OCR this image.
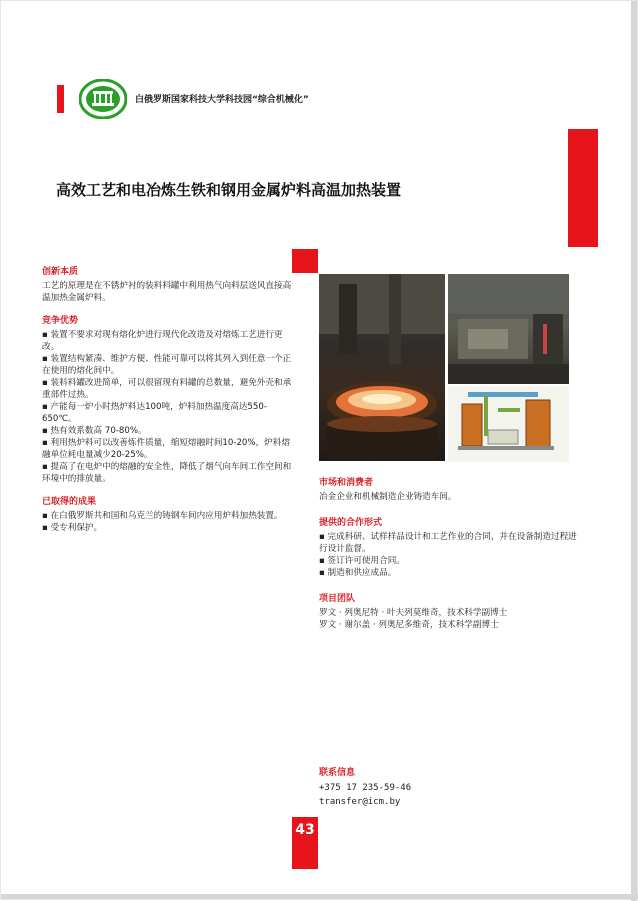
白俄罗斯国家科技大学科技园“综合机械化”
高效工艺和电冶炼生铁和钢用金属炉料高温加热装置
创新本质

工艺的原理是在不锈炉衬的装料料罐中利用热气向料层送风直接高温加热金属炉料。

竞争优势
▪ 装置不要求对现有熔化炉进行现代化改造及对熔炼工艺进行更改。
▪ 装置结构紧凑、维护方便、性能可靠可以将其列入到任意一个正在使用的熔化间中。
▪ 装料料罐改进简单，可以很留现有料罐的总数量，避免外壳和承重部件过热。
▪ 产能每一炉小时热炉料达100吨，炉料加热温度高达550-650℃。
▪ 热有效系数高 70-80%。
▪ 利用热炉料可以改善炼件质量，缩短熔融时间10-20%，炉料熔融单位耗电量减少20-25%。
▪ 提高了在电炉中的熔融的安全性，降低了烟气向车间工作空间和环境中的排放量。
已取得的成果
▪ 在白俄罗斯共和国和乌克兰的铸钢车间内应用炉料加热装置。
▪ 受专利保护。
市场和消费者

冶金企业和机械制造企业铸造车间。

提供的合作形式
▪ 完成科研、试样样品设计和工艺作业的合同，并在设备制造过程进行设计监督。
▪ 签订许可使用合同。
▪ 制造和供应成品。
项目团队

罗文 · 列奥尼特 · 叶夫列莫维奇，技术科学副博士

罗文 · 谢尔盖 · 列奥尼多维奇，技术科学副博士

联系信息
+375 17 235-59-46
transfer@icm.by
43
